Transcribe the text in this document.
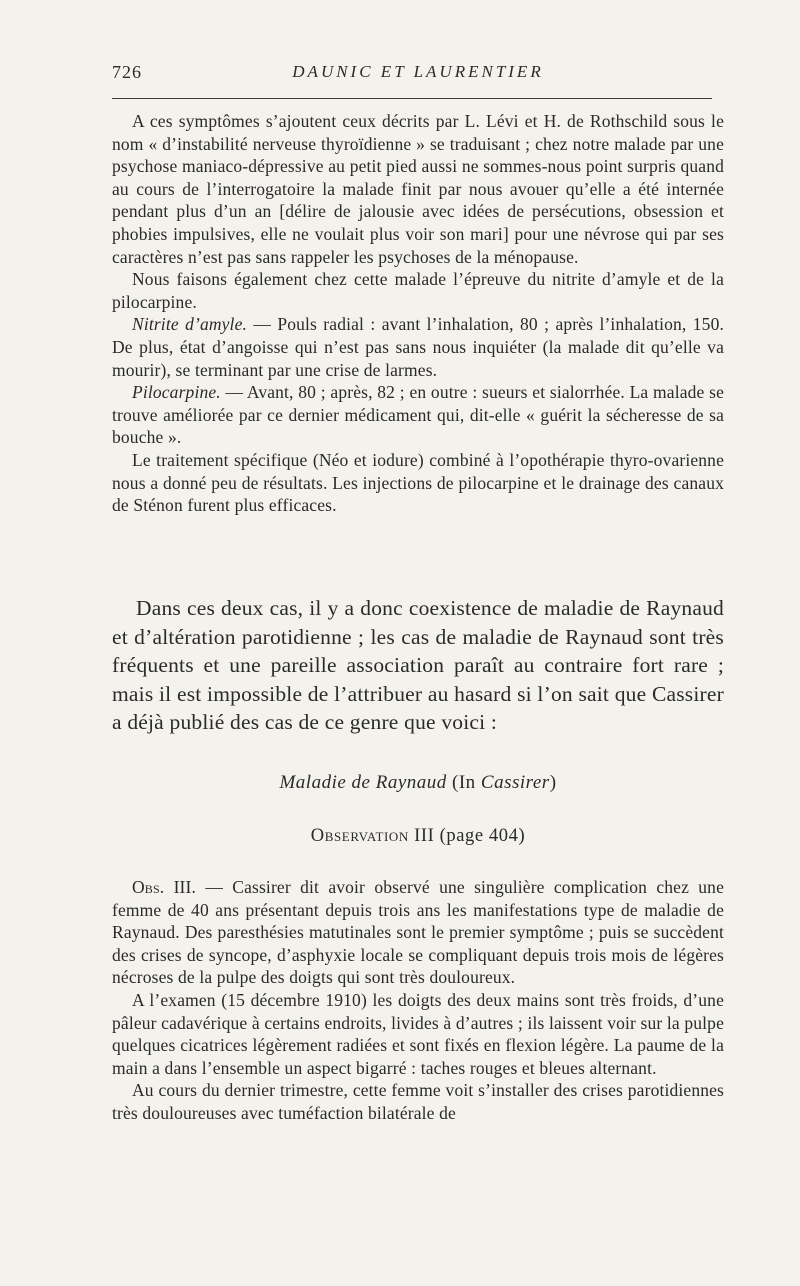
726	DAUNIC ET LAURENTIER

A ces symptômes s’ajoutent ceux décrits par L. Lévi et H. de Rothschild sous le nom « d’instabilité nerveuse thyroïdienne » se traduisant ; chez notre malade par une psychose maniaco-dépressive au petit pied aussi ne sommes-nous point surpris quand au cours de l’interrogatoire la malade finit par nous avouer qu’elle a été internée pendant plus d’un an [délire de jalousie avec idées de persécutions, obsession et phobies impulsives, elle ne voulait plus voir son mari] pour une névrose qui par ses caractères n’est pas sans rappeler les psychoses de la ménopause.

Nous faisons également chez cette malade l’épreuve du nitrite d’amyle et de la pilocarpine.

Nitrite d’amyle. — Pouls radial : avant l’inhalation, 80 ; après l’inhalation, 150. De plus, état d’angoisse qui n’est pas sans nous inquiéter (la malade dit qu’elle va mourir), se terminant par une crise de larmes.

Pilocarpine. — Avant, 80 ; après, 82 ; en outre : sueurs et sialorrhée. La malade se trouve améliorée par ce dernier médicament qui, dit-elle « guérit la sécheresse de sa bouche ».

Le traitement spécifique (Néo et iodure) combiné à l’opothérapie thyro-ovarienne nous a donné peu de résultats. Les injections de pilocarpine et le drainage des canaux de Sténon furent plus efficaces.

Dans ces deux cas, il y a donc coexistence de maladie de Raynaud et d’altération parotidienne ; les cas de maladie de Raynaud sont très fréquents et une pareille association paraît au contraire fort rare ; mais il est impossible de l’attribuer au hasard si l’on sait que Cassirer a déjà publié des cas de ce genre que voici :

Maladie de Raynaud (In Cassirer)
Observation III (page 404)

Obs. III. — Cassirer dit avoir observé une singulière complication chez une femme de 40 ans présentant depuis trois ans les manifestations type de maladie de Raynaud. Des paresthésies matutinales sont le premier symptôme ; puis se succèdent des crises de syncope, d’asphyxie locale se compliquant depuis trois mois de légères nécroses de la pulpe des doigts qui sont très douloureux.

A l’examen (15 décembre 1910) les doigts des deux mains sont très froids, d’une pâleur cadavérique à certains endroits, livides à d’autres ; ils laissent voir sur la pulpe quelques cicatrices légèrement radiées et sont fixés en flexion légère. La paume de la main a dans l’ensemble un aspect bigarré : taches rouges et bleues alternant.

Au cours du dernier trimestre, cette femme voit s’installer des crises parotidiennes très douloureuses avec tuméfaction bilatérale de
